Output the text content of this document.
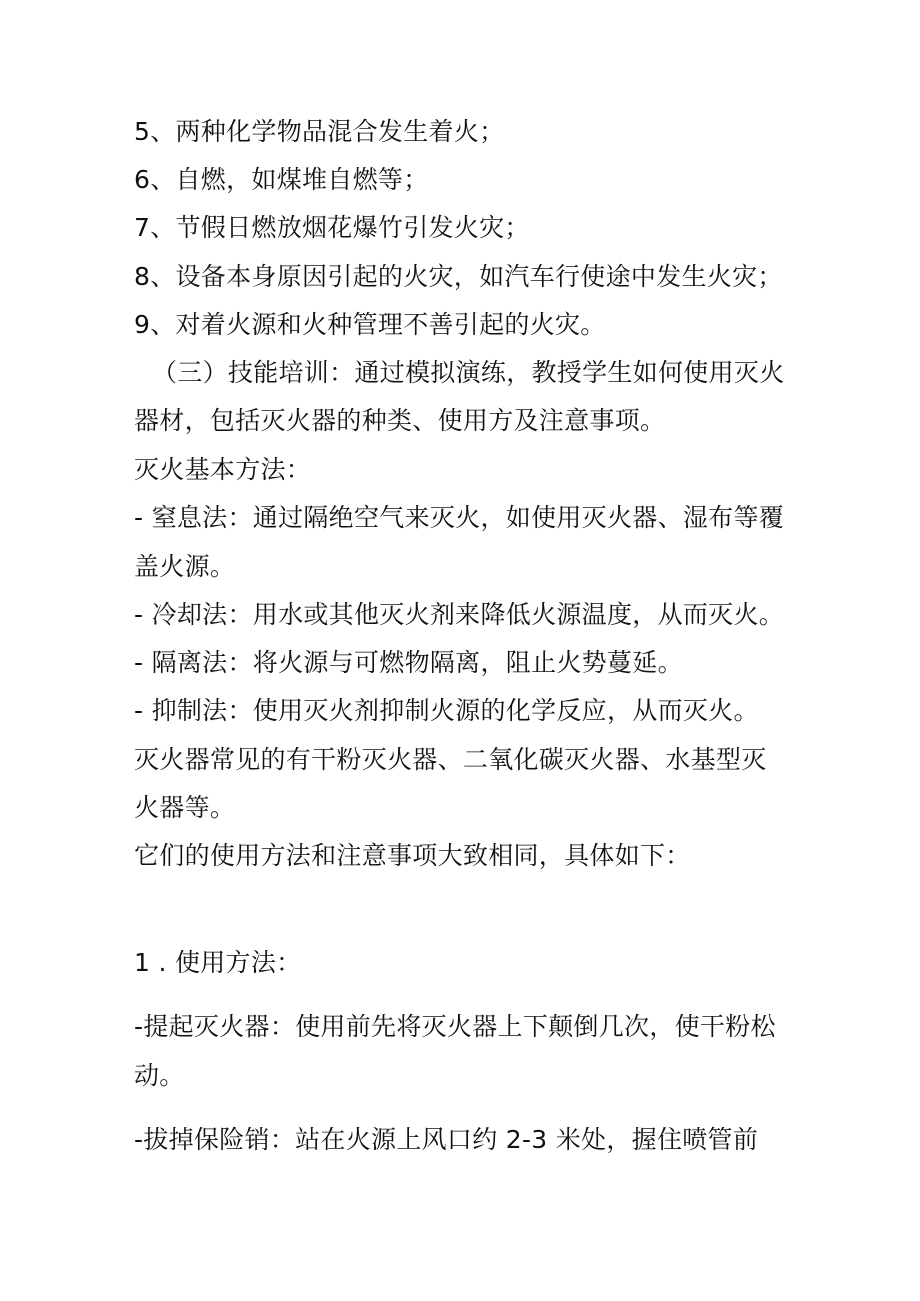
5、两种化学物品混合发生着火；
6、自燃，如煤堆自燃等；
7、节假日燃放烟花爆竹引发火灾；
8、设备本身原因引起的火灾，如汽车行使途中发生火灾；
9、对着火源和火种管理不善引起的火灾。
（三）技能培训：通过模拟演练，教授学生如何使用灭火
器材，包括灭火器的种类、使用方及注意事项。
灭火基本方法：
- 窒息法：通过隔绝空气来灭火，如使用灭火器、湿布等覆
盖火源。
- 冷却法：用水或其他灭火剂来降低火源温度，从而灭火。
- 隔离法：将火源与可燃物隔离，阻止火势蔓延。
- 抑制法：使用灭火剂抑制火源的化学反应，从而灭火。
灭火器常见的有干粉灭火器、二氧化碳灭火器、水基型灭
火器等。
它们的使用方法和注意事项大致相同，具体如下：
1 . 使用方法：
-提起灭火器：使用前先将灭火器上下颠倒几次，使干粉松
动。
-拔掉保险销：站在火源上风口约 2-3 米处，握住喷管前
